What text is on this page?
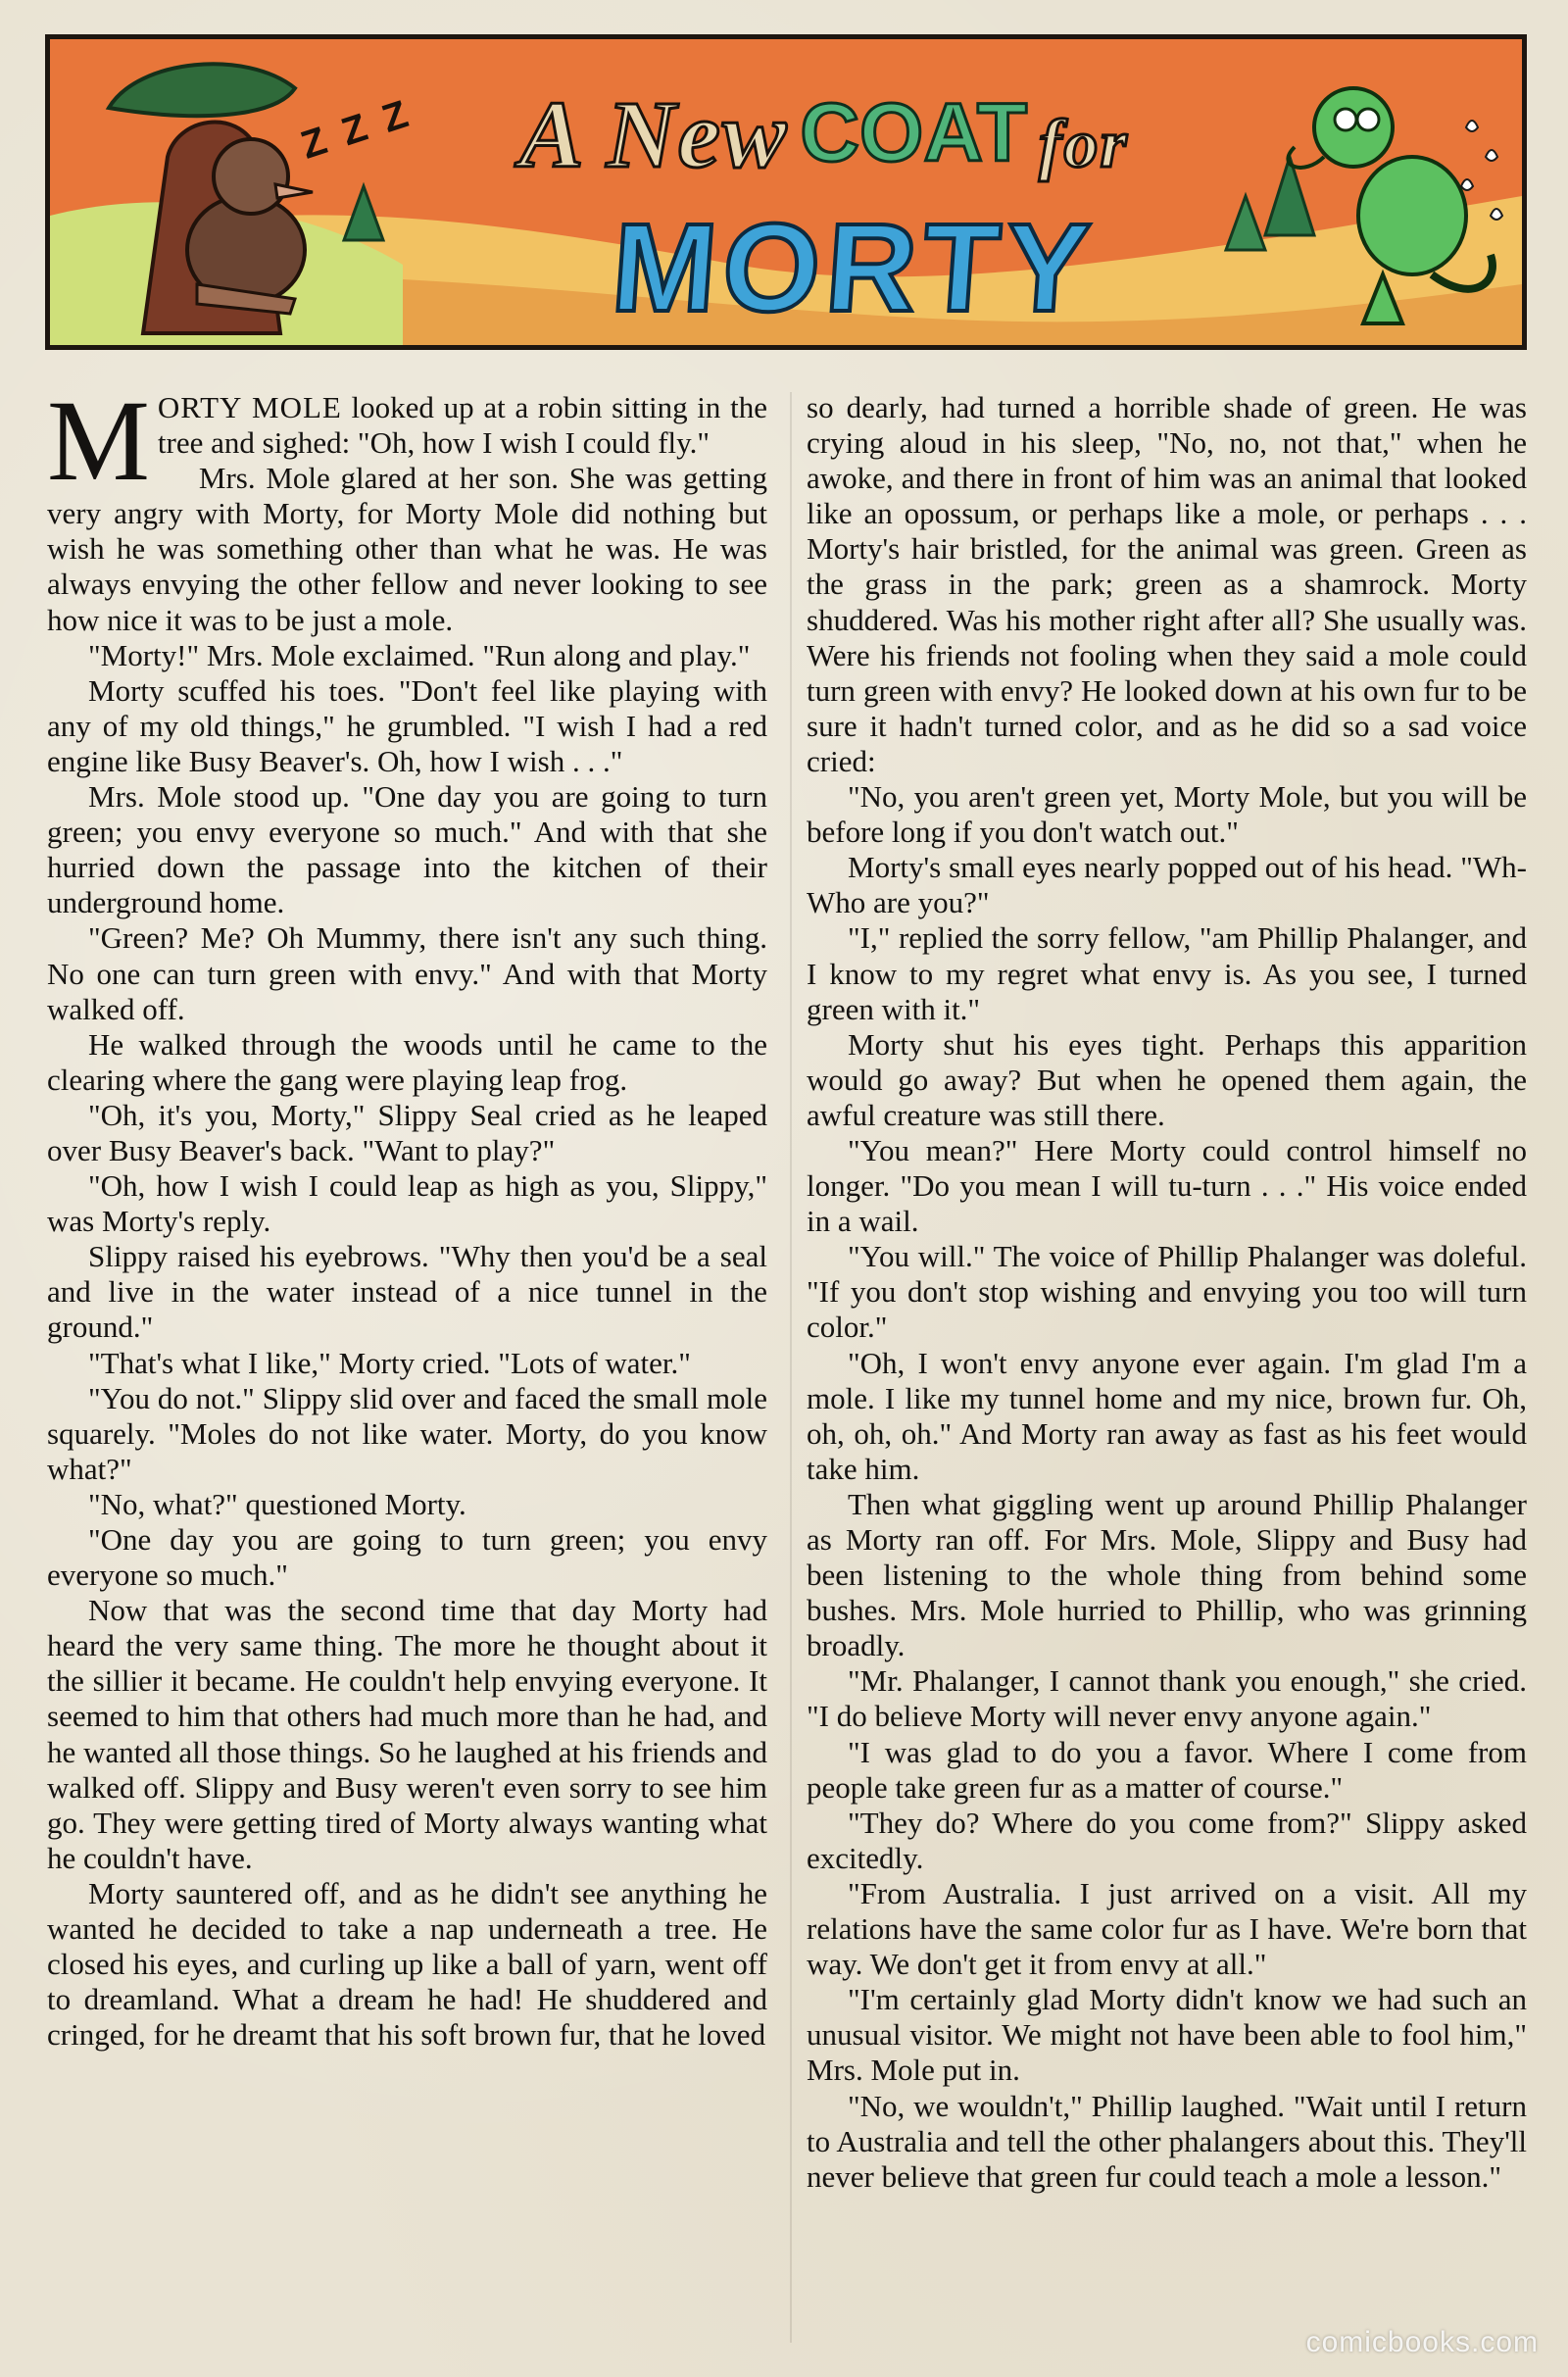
Z Z Z	A New COAT for
MORTY

MORTY MOLE looked up at a robin sitting in the tree and sighed: "Oh, how I wish I could fly."

Mrs. Mole glared at her son. She was getting very angry with Morty, for Morty Mole did nothing but wish he was something other than what he was. He was always envying the other fellow and never looking to see how nice it was to be just a mole.

"Morty!" Mrs. Mole exclaimed. "Run along and play."

Morty scuffed his toes. "Don't feel like playing with any of my old things," he grumbled. "I wish I had a red engine like Busy Beaver's. Oh, how I wish . . ."

Mrs. Mole stood up. "One day you are going to turn green; you envy everyone so much." And with that she hurried down the passage into the kitchen of their underground home.

"Green? Me? Oh Mummy, there isn't any such thing. No one can turn green with envy." And with that Morty walked off.

He walked through the woods until he came to the clearing where the gang were playing leap frog.

"Oh, it's you, Morty," Slippy Seal cried as he leaped over Busy Beaver's back. "Want to play?"

"Oh, how I wish I could leap as high as you, Slippy," was Morty's reply.

Slippy raised his eyebrows. "Why then you'd be a seal and live in the water instead of a nice tunnel in the ground."

"That's what I like," Morty cried. "Lots of water."

"You do not." Slippy slid over and faced the small mole squarely. "Moles do not like water. Morty, do you know what?"

"No, what?" questioned Morty.

"One day you are going to turn green; you envy everyone so much."

Now that was the second time that day Morty had heard the very same thing. The more he thought about it the sillier it became. He couldn't help envying everyone. It seemed to him that others had much more than he had, and he wanted all those things. So he laughed at his friends and walked off. Slippy and Busy weren't even sorry to see him go. They were getting tired of Morty always wanting what he couldn't have.

Morty sauntered off, and as he didn't see anything he wanted he decided to take a nap underneath a tree. He closed his eyes, and curling up like a ball of yarn, went off to dreamland. What a dream he had! He shuddered and cringed, for he dreamt that his soft brown fur, that he loved

so dearly, had turned a horrible shade of green. He was crying aloud in his sleep, "No, no, not that," when he awoke, and there in front of him was an animal that looked like an opossum, or perhaps like a mole, or perhaps . . . Morty's hair bristled, for the animal was green. Green as the grass in the park; green as a shamrock. Morty shuddered. Was his mother right after all? She usually was. Were his friends not fooling when they said a mole could turn green with envy? He looked down at his own fur to be sure it hadn't turned color, and as he did so a sad voice cried:

"No, you aren't green yet, Morty Mole, but you will be before long if you don't watch out."

Morty's small eyes nearly popped out of his head. "Wh-Who are you?"

"I," replied the sorry fellow, "am Phillip Phalanger, and I know to my regret what envy is. As you see, I turned green with it."

Morty shut his eyes tight. Perhaps this apparition would go away? But when he opened them again, the awful creature was still there.

"You mean?" Here Morty could control himself no longer. "Do you mean I will tu-turn . . ." His voice ended in a wail.

"You will." The voice of Phillip Phalanger was doleful. "If you don't stop wishing and envying you too will turn color."

"Oh, I won't envy anyone ever again. I'm glad I'm a mole. I like my tunnel home and my nice, brown fur. Oh, oh, oh, oh." And Morty ran away as fast as his feet would take him.

Then what giggling went up around Phillip Phalanger as Morty ran off. For Mrs. Mole, Slippy and Busy had been listening to the whole thing from behind some bushes. Mrs. Mole hurried to Phillip, who was grinning broadly.

"Mr. Phalanger, I cannot thank you enough," she cried. "I do believe Morty will never envy anyone again."

"I was glad to do you a favor. Where I come from people take green fur as a matter of course."

"They do? Where do you come from?" Slippy asked excitedly.

"From Australia. I just arrived on a visit. All my relations have the same color fur as I have. We're born that way. We don't get it from envy at all."

"I'm certainly glad Morty didn't know we had such an unusual visitor. We might not have been able to fool him," Mrs. Mole put in.

"No, we wouldn't," Phillip laughed. "Wait until I return to Australia and tell the other phalangers about this. They'll never believe that green fur could teach a mole a lesson."

comicbooks.com
